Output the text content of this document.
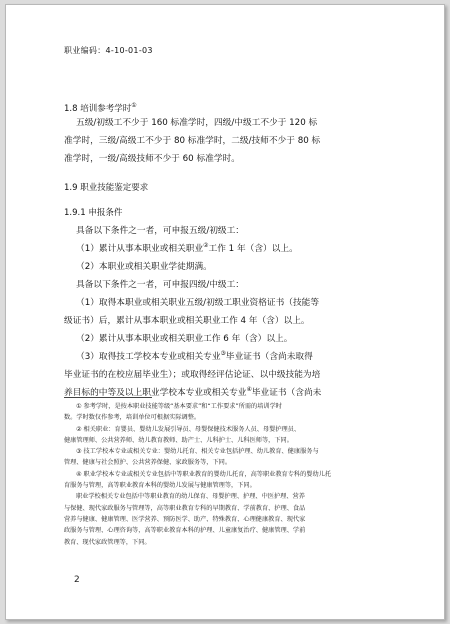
职业编码：4-10-01-03
1.8 培训参考学时①
五级/初级工不少于 160 标准学时，四级/中级工不少于 120 标
准学时，三级/高级工不少于 80 标准学时，二级/技师不少于 80 标
准学时，一级/高级技师不少于 60 标准学时。
1.9 职业技能鉴定要求
1.9.1 申报条件
具备以下条件之一者，可申报五级/初级工：
（1）累计从事本职业或相关职业②工作 1 年（含）以上。
（2）本职业或相关职业学徒期满。
具备以下条件之一者，可申报四级/中级工：
（1）取得本职业或相关职业五级/初级工职业资格证书（技能等
级证书）后，累计从事本职业或相关职业工作 4 年（含）以上。
（2）累计从事本职业或相关职业工作 6 年（含）以上。
（3）取得技工学校本专业或相关专业③毕业证书（含尚未取得
毕业证书的在校应届毕业生）；或取得经评估论证、以中级技能为培
养目标的中等及以上职业学校本专业或相关专业④毕业证书（含尚未
① 参考学时，是按本职业技能等级“基本要求”和“工作要求”所需的培训学时
数。学时数仅作参考，培训单位可根据实际调整。
② 相关职业：育婴员、婴幼儿发展引导员、母婴保健技术服务人员、母婴护理员、
健康管理师、公共营养师、幼儿教育教师、助产士、儿科护士、儿科医师等，下同。
③ 技工学校本专业或相关专业：婴幼儿托育、相关专业包括护理、幼儿教育、健康服务与
管理、健康与社会照护、公共营养保健、家政服务等，下同。
④ 职业学校本专业或相关专业包括中等职业教育的婴幼儿托育，高等职业教育专科的婴幼儿托
育服务与管理，高等职业教育本科的婴幼儿发展与健康管理等，下同。
职业学校相关专业包括中等职业教育的幼儿保育、母婴护理、护理、中医护理、营养
与保健、现代家政服务与管理等，高等职业教育专科的早期教育、学前教育、护理、食品
营养与健康、健康管理、医学营养、预防医学、助产、特殊教育、心理健康教育、现代家
政服务与管理、心理咨询等，高等职业教育本科的护理、儿童康复治疗、健康管理、学前
教育、现代家政管理等，下同。
2
